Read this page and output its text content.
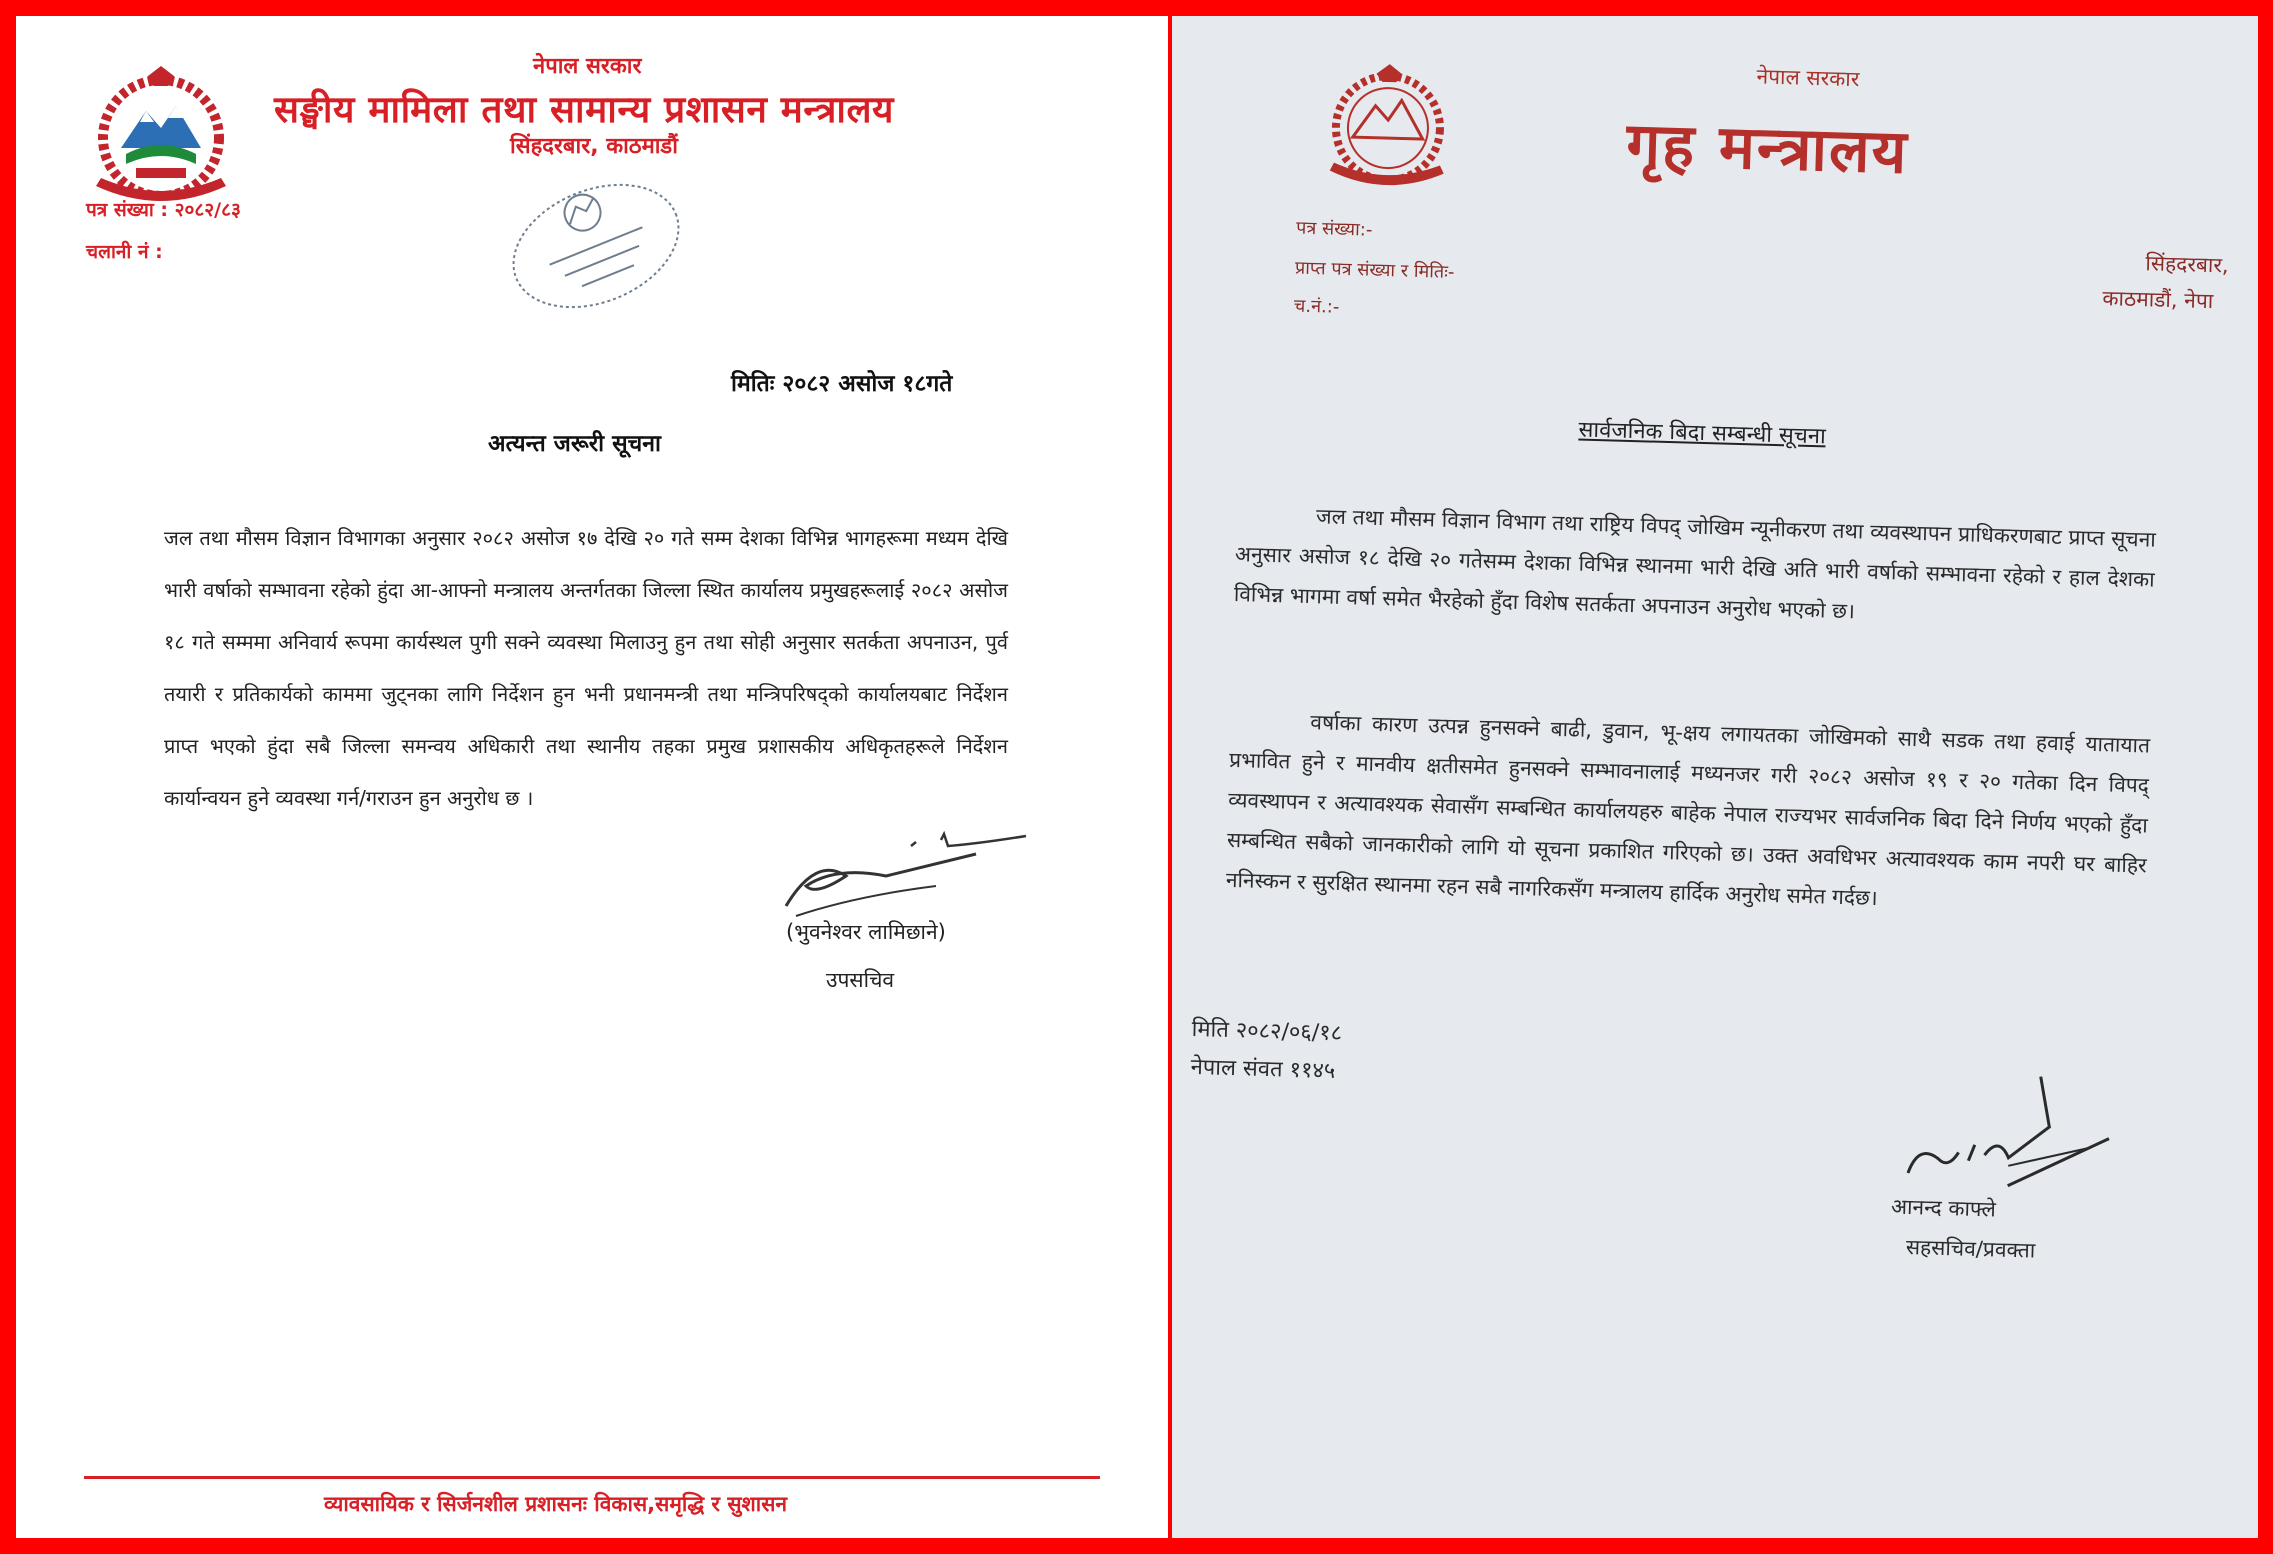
नेपाल सरकार

सङ्घीय मामिला तथा सामान्य प्रशासन मन्त्रालय

सिंहदरबार, काठमाडौं

पत्र संख्या : २०८२/८३

चलानी नं :

मितिः २०८२ असोज १८गते

अत्यन्त जरूरी सूचना

जल तथा मौसम विज्ञान विभागका अनुसार २०८२ असोज १७ देखि २० गते सम्म देशका विभिन्न भागहरूमा मध्यम देखि भारी वर्षाको सम्भावना रहेको हुंदा आ-आफ्नो मन्त्रालय अन्तर्गतका जिल्ला स्थित कार्यालय प्रमुखहरूलाई २०८२ असोज १८ गते सम्ममा अनिवार्य रूपमा कार्यस्थल पुगी सक्ने व्यवस्था मिलाउनु हुन तथा सोही अनुसार सतर्कता अपनाउन, पुर्व तयारी र प्रतिकार्यको काममा जुट्नका लागि निर्देशन हुन भनी प्रधानमन्त्री तथा मन्त्रिपरिषद्को कार्यालयबाट निर्देशन प्राप्त भएको हुंदा सबै जिल्ला समन्वय अधिकारी तथा स्थानीय तहका प्रमुख प्रशासकीय अधिकृतहरूले निर्देशन कार्यान्वयन हुने व्यवस्था गर्न/गराउन हुन अनुरोध छ ।

(भुवनेश्वर लामिछाने)

उपसचिव

व्यावसायिक र सिर्जनशील प्रशासनः विकास,समृद्धि र सुशासन

नेपाल सरकार

गृह मन्त्रालय

पत्र संख्या:-

प्राप्त पत्र संख्या र मितिः-

च.नं.:-

सिंहदरबार,

काठमाडौं, नेपा

सार्वजनिक बिदा सम्बन्धी सूचना

जल तथा मौसम विज्ञान विभाग तथा राष्ट्रिय विपद् जोखिम न्यूनीकरण तथा व्यवस्थापन प्राधिकरणबाट प्राप्त सूचना अनुसार असोज १८ देखि २० गतेसम्म देशका विभिन्न स्थानमा भारी देखि अति भारी वर्षाको सम्भावना रहेको र हाल देशका विभिन्न भागमा वर्षा समेत भैरहेको हुँदा विशेष सतर्कता अपनाउन अनुरोध भएको छ।

वर्षाका कारण उत्पन्न हुनसक्ने बाढी, डुवान, भू-क्षय लगायतका जोखिमको साथै सडक तथा हवाई यातायात प्रभावित हुने र मानवीय क्षतीसमेत हुनसक्ने सम्भावनालाई मध्यनजर गरी २०८२ असोज १९ र २० गतेका दिन विपद् व्यवस्थापन र अत्यावश्यक सेवासँग सम्बन्धित कार्यालयहरु बाहेक नेपाल राज्यभर सार्वजनिक बिदा दिने निर्णय भएको हुँदा सम्बन्धित सबैको जानकारीको लागि यो सूचना प्रकाशित गरिएको छ। उक्त अवधिभर अत्यावश्यक काम नपरी घर बाहिर ननिस्कन र सुरक्षित स्थानमा रहन सबै नागरिकसँग मन्त्रालय हार्दिक अनुरोध समेत गर्दछ।

मिति २०८२/०६/१८

नेपाल संवत ११४५

आनन्द काफ्ले

सहसचिव/प्रवक्ता
